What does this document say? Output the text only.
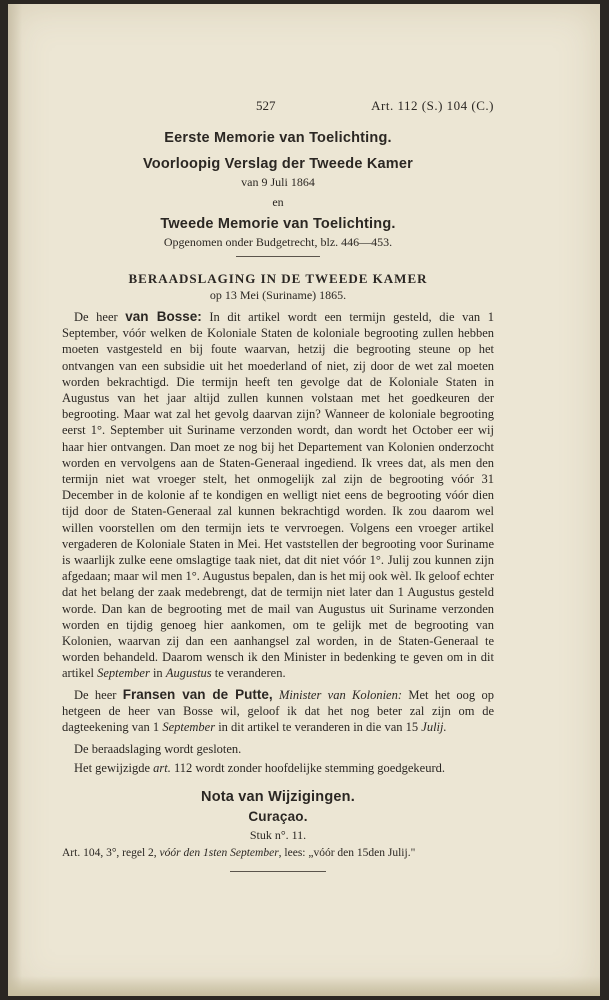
527	Art. 112 (S.) 104 (C.)
Eerste Memorie van Toelichting.
Voorloopig Verslag der Tweede Kamer
van 9 Juli 1864
en
Tweede Memorie van Toelichting.
Opgenomen onder Budgetrecht, blz. 446—453.
BERAADSLAGING IN DE TWEEDE KAMER
op 13 Mei (Suriname) 1865.

De heer van Bosse: In dit artikel wordt een termijn gesteld, die van 1 September, vóór welken de Koloniale Staten de koloniale begrooting zullen hebben moeten vastgesteld en bij foute waarvan, hetzij die begrooting steune op het ontvangen van een subsidie uit het moederland of niet, zij door de wet zal moeten worden bekrachtigd. Die termijn heeft ten gevolge dat de Koloniale Staten in Augustus van het jaar altijd zullen kunnen volstaan met het goedkeuren der begrooting. Maar wat zal het gevolg daarvan zijn? Wanneer de koloniale begrooting eerst 1°. September uit Suriname verzonden wordt, dan wordt het October eer wij haar hier ontvangen. Dan moet ze nog bij het Departement van Kolonien onderzocht worden en vervolgens aan de Staten-Generaal ingediend. Ik vrees dat, als men den termijn niet wat vroeger stelt, het onmogelijk zal zijn de begrooting vóór 31 December in de kolonie af te kondigen en welligt niet eens de begrooting vóór dien tijd door de Staten-Generaal zal kunnen bekrachtigd worden. Ik zou daarom wel willen voorstellen om den termijn iets te vervroegen. Volgens een vroeger artikel vergaderen de Koloniale Staten in Mei. Het vaststellen der begrooting voor Suriname is waarlijk zulke eene omslagtige taak niet, dat dit niet vóór 1°. Julij zou kunnen zijn afgedaan; maar wil men 1°. Augustus bepalen, dan is het mij ook wèl. Ik geloof echter dat het belang der zaak medebrengt, dat de termijn niet later dan 1 Augustus gesteld worde. Dan kan de begrooting met de mail van Augustus uit Suriname verzonden worden en tijdig genoeg hier aankomen, om te gelijk met de begrooting van Kolonien, waarvan zij dan een aanhangsel zal worden, in de Staten-Generaal te worden behandeld. Daarom wensch ik den Minister in bedenking te geven om in dit artikel September in Augustus te veranderen.

De heer Fransen van de Putte, Minister van Kolonien: Met het oog op hetgeen de heer van Bosse wil, geloof ik dat het nog beter zal zijn om de dagteekening van 1 September in dit artikel te veranderen in die van 15 Julij.

De beraadslaging wordt gesloten.

Het gewijzigde art. 112 wordt zonder hoofdelijke stemming goedgekeurd.

Nota van Wijzigingen.
Curaçao.
Stuk n°. 11.
Art. 104, 3°, regel 2, vóór den 1sten September, lees: „vóór den 15den Julij."
